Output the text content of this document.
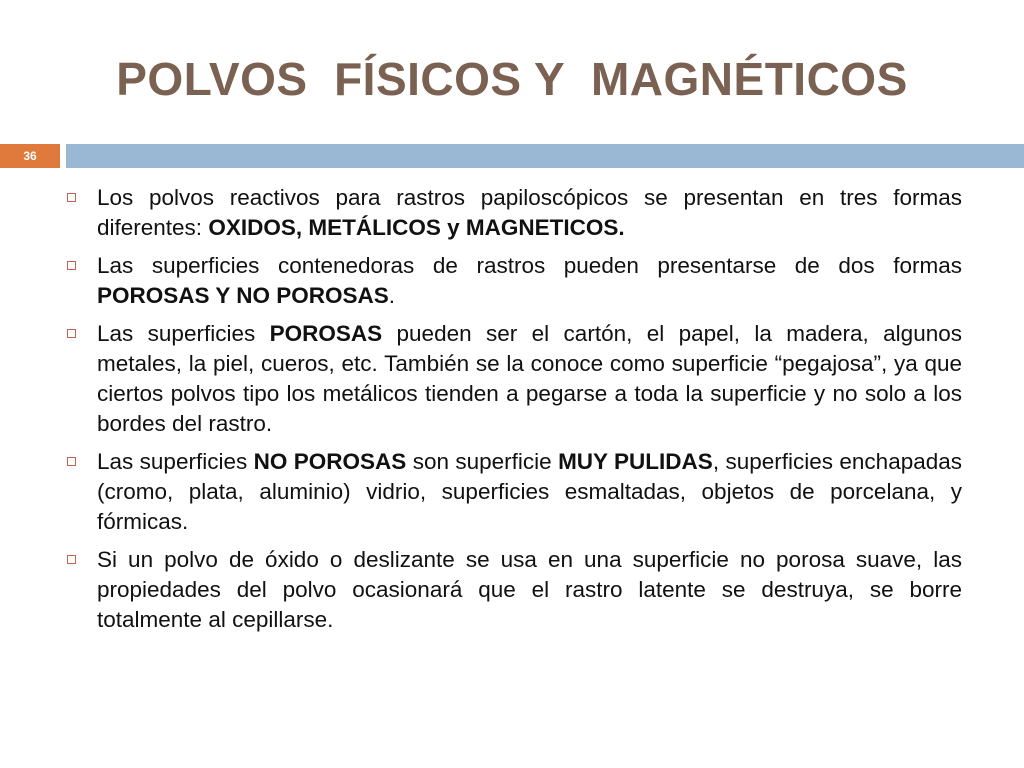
POLVOS  FÍSICOS Y  MAGNÉTICOS
36
Los polvos reactivos para rastros papiloscópicos se presentan en tres formas diferentes: OXIDOS, METÁLICOS y MAGNETICOS.
Las superficies contenedoras de rastros pueden presentarse de dos formas POROSAS Y NO POROSAS.
Las superficies POROSAS pueden ser el cartón, el papel, la madera, algunos metales, la piel, cueros, etc. También se la conoce como superficie “pegajosa”, ya que ciertos polvos tipo los metálicos tienden a pegarse a toda la superficie y no solo a los bordes del rastro.
Las superficies NO POROSAS son superficie MUY PULIDAS, superficies enchapadas (cromo, plata, aluminio) vidrio, superficies esmaltadas, objetos de porcelana, y fórmicas.
Si un polvo de óxido o deslizante se usa en una superficie no porosa suave, las propiedades del polvo ocasionará que el rastro latente se destruya, se borre totalmente al cepillarse.
